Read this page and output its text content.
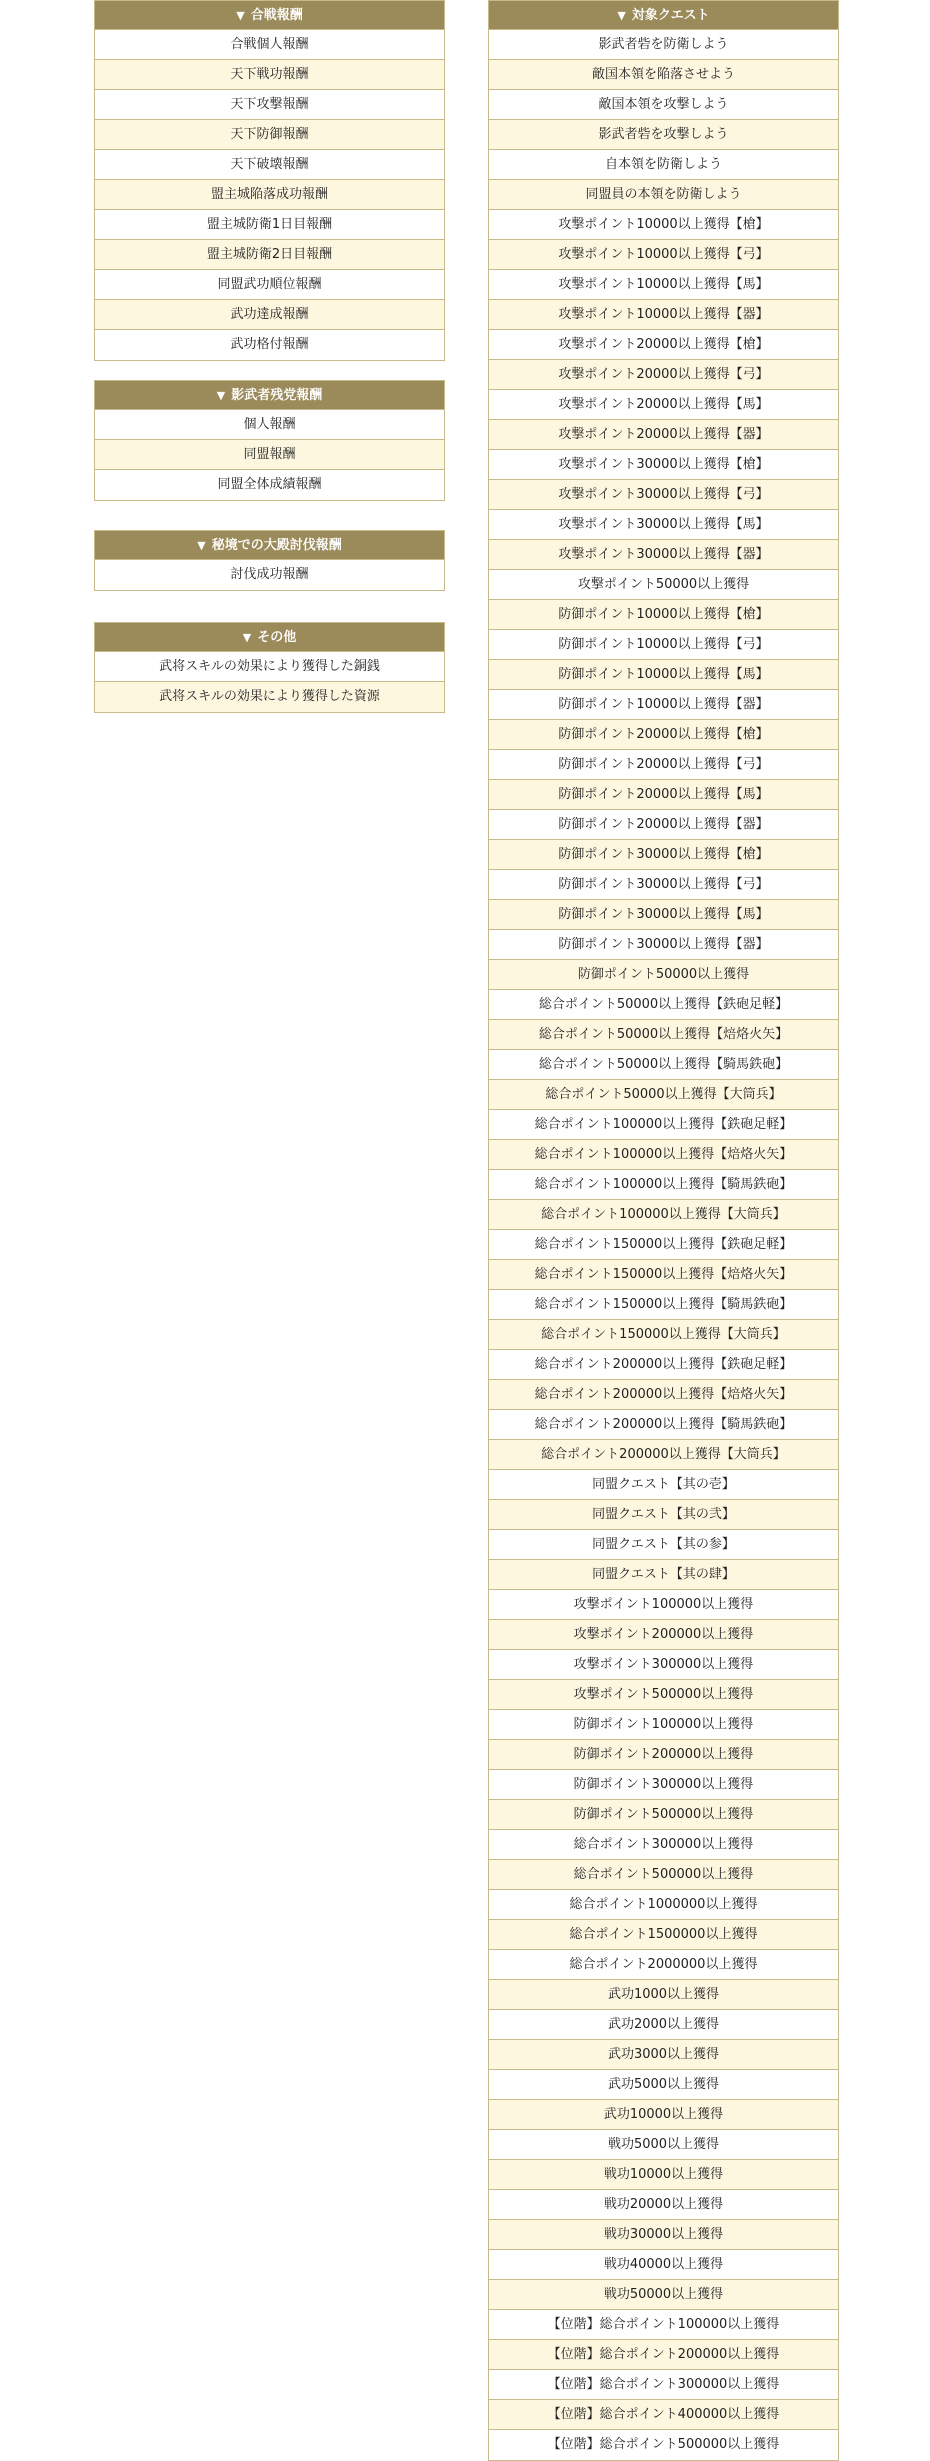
▼ 合戦報酬
合戦個人報酬
天下戦功報酬
天下攻撃報酬
天下防御報酬
天下破壊報酬
盟主城陥落成功報酬
盟主城防衛1日目報酬
盟主城防衛2日目報酬
同盟武功順位報酬
武功達成報酬
武功格付報酬
▼ 影武者残党報酬
個人報酬
同盟報酬
同盟全体成績報酬
▼ 秘境での大殿討伐報酬
討伐成功報酬
▼ その他
武将スキルの効果により獲得した銅銭
武将スキルの効果により獲得した資源
▼ 対象クエスト
影武者砦を防衛しよう
敵国本領を陥落させよう
敵国本領を攻撃しよう
影武者砦を攻撃しよう
自本領を防衛しよう
同盟員の本領を防衛しよう
攻撃ポイント10000以上獲得【槍】
攻撃ポイント10000以上獲得【弓】
攻撃ポイント10000以上獲得【馬】
攻撃ポイント10000以上獲得【器】
攻撃ポイント20000以上獲得【槍】
攻撃ポイント20000以上獲得【弓】
攻撃ポイント20000以上獲得【馬】
攻撃ポイント20000以上獲得【器】
攻撃ポイント30000以上獲得【槍】
攻撃ポイント30000以上獲得【弓】
攻撃ポイント30000以上獲得【馬】
攻撃ポイント30000以上獲得【器】
攻撃ポイント50000以上獲得
防御ポイント10000以上獲得【槍】
防御ポイント10000以上獲得【弓】
防御ポイント10000以上獲得【馬】
防御ポイント10000以上獲得【器】
防御ポイント20000以上獲得【槍】
防御ポイント20000以上獲得【弓】
防御ポイント20000以上獲得【馬】
防御ポイント20000以上獲得【器】
防御ポイント30000以上獲得【槍】
防御ポイント30000以上獲得【弓】
防御ポイント30000以上獲得【馬】
防御ポイント30000以上獲得【器】
防御ポイント50000以上獲得
総合ポイント50000以上獲得【鉄砲足軽】
総合ポイント50000以上獲得【焙烙火矢】
総合ポイント50000以上獲得【騎馬鉄砲】
総合ポイント50000以上獲得【大筒兵】
総合ポイント100000以上獲得【鉄砲足軽】
総合ポイント100000以上獲得【焙烙火矢】
総合ポイント100000以上獲得【騎馬鉄砲】
総合ポイント100000以上獲得【大筒兵】
総合ポイント150000以上獲得【鉄砲足軽】
総合ポイント150000以上獲得【焙烙火矢】
総合ポイント150000以上獲得【騎馬鉄砲】
総合ポイント150000以上獲得【大筒兵】
総合ポイント200000以上獲得【鉄砲足軽】
総合ポイント200000以上獲得【焙烙火矢】
総合ポイント200000以上獲得【騎馬鉄砲】
総合ポイント200000以上獲得【大筒兵】
同盟クエスト【其の壱】
同盟クエスト【其の弐】
同盟クエスト【其の参】
同盟クエスト【其の肆】
攻撃ポイント100000以上獲得
攻撃ポイント200000以上獲得
攻撃ポイント300000以上獲得
攻撃ポイント500000以上獲得
防御ポイント100000以上獲得
防御ポイント200000以上獲得
防御ポイント300000以上獲得
防御ポイント500000以上獲得
総合ポイント300000以上獲得
総合ポイント500000以上獲得
総合ポイント1000000以上獲得
総合ポイント1500000以上獲得
総合ポイント2000000以上獲得
武功1000以上獲得
武功2000以上獲得
武功3000以上獲得
武功5000以上獲得
武功10000以上獲得
戦功5000以上獲得
戦功10000以上獲得
戦功20000以上獲得
戦功30000以上獲得
戦功40000以上獲得
戦功50000以上獲得
【位階】総合ポイント100000以上獲得
【位階】総合ポイント200000以上獲得
【位階】総合ポイント300000以上獲得
【位階】総合ポイント400000以上獲得
【位階】総合ポイント500000以上獲得
